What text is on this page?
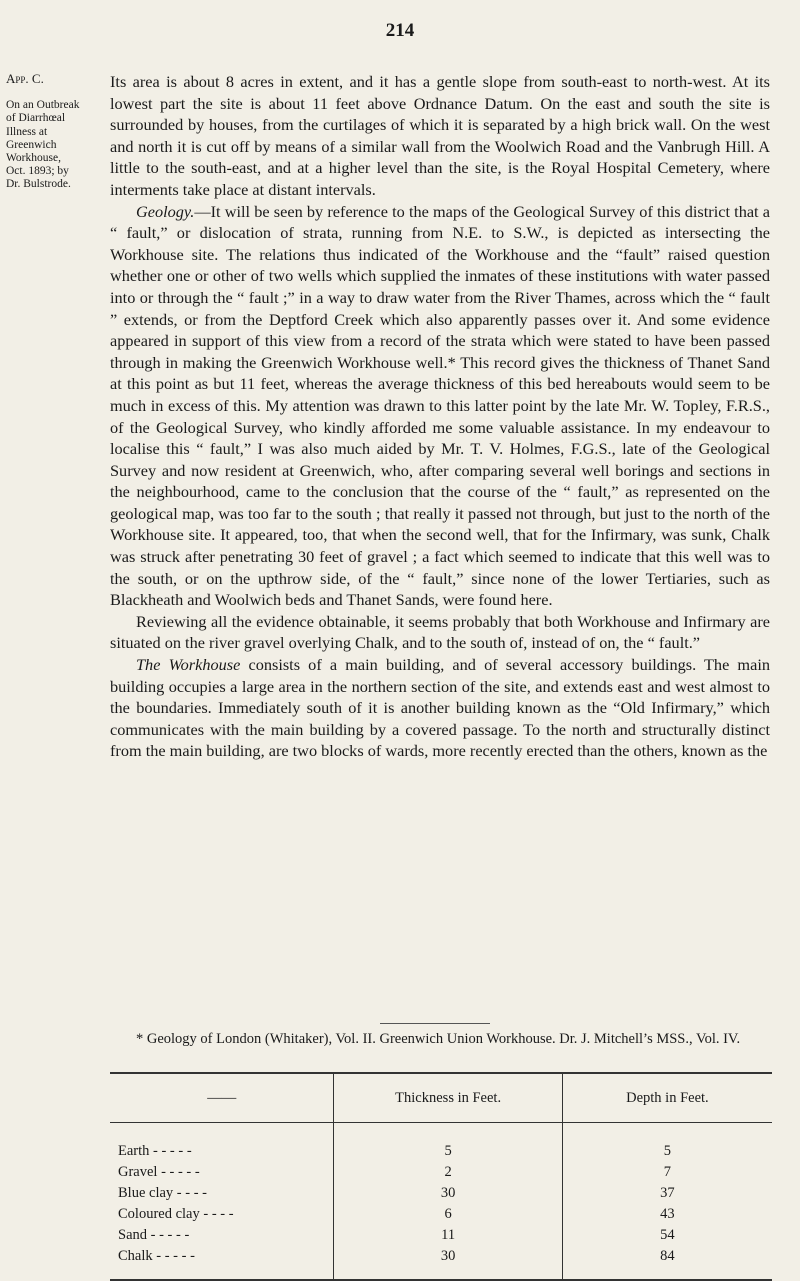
214
App. C.
On an Outbreak
of Diarrhœal
Illness at
Greenwich
Workhouse,
Oct. 1893; by
Dr. Bulstrode.

Its area is about 8 acres in extent, and it has a gentle slope from south-east to north-west. At its lowest part the site is about 11 feet above Ordnance Datum. On the east and south the site is surrounded by houses, from the curtilages of which it is separated by a high brick wall. On the west and north it is cut off by means of a similar wall from the Woolwich Road and the Vanbrugh Hill. A little to the south-east, and at a higher level than the site, is the Royal Hospital Cemetery, where interments take place at distant intervals.

Geology.—It will be seen by reference to the maps of the Geological Survey of this district that a “ fault,” or dislocation of strata, running from N.E. to S.W., is depicted as intersecting the Workhouse site. The relations thus indicated of the Workhouse and the “fault” raised question whether one or other of two wells which supplied the inmates of these institutions with water passed into or through the “ fault ;” in a way to draw water from the River Thames, across which the “ fault ” extends, or from the Deptford Creek which also apparently passes over it. And some evidence appeared in support of this view from a record of the strata which were stated to have been passed through in making the Greenwich Workhouse well.* This record gives the thickness of Thanet Sand at this point as but 11 feet, whereas the average thickness of this bed hereabouts would seem to be much in excess of this. My attention was drawn to this latter point by the late Mr. W. Topley, F.R.S., of the Geological Survey, who kindly afforded me some valuable assistance. In my endeavour to localise this “ fault,” I was also much aided by Mr. T. V. Holmes, F.G.S., late of the Geological Survey and now resident at Greenwich, who, after comparing several well borings and sections in the neighbourhood, came to the conclusion that the course of the “ fault,” as represented on the geological map, was too far to the south ; that really it passed not through, but just to the north of the Workhouse site. It appeared, too, that when the second well, that for the Infirmary, was sunk, Chalk was struck after penetrating 30 feet of gravel ; a fact which seemed to indicate that this well was to the south, or on the upthrow side, of the “ fault,” since none of the lower Tertiaries, such as Blackheath and Woolwich beds and Thanet Sands, were found here.

Reviewing all the evidence obtainable, it seems probably that both Workhouse and Infirmary are situated on the river gravel overlying Chalk, and to the south of, instead of on, the “ fault.”

The Workhouse consists of a main building, and of several accessory buildings. The main building occupies a large area in the northern section of the site, and extends east and west almost to the boundaries. Immediately south of it is another building known as the “Old Infirmary,” which communicates with the main building by a covered passage. To the north and structurally distinct from the main building, are two blocks of wards, more recently erected than the others, known as the

* Geology of London (Whitaker), Vol. II. Greenwich Union Workhouse. Dr. J. Mitchell’s MSS., Vol. IV.

——	Thickness in Feet.	Depth in Feet.
Earth - - - - -	5	5
Gravel - - - - -	2	7
Blue clay - - - -	30	37
Coloured clay - - - -	6	43
Sand - - - - -	11	54
Chalk - - - - -	30	84
